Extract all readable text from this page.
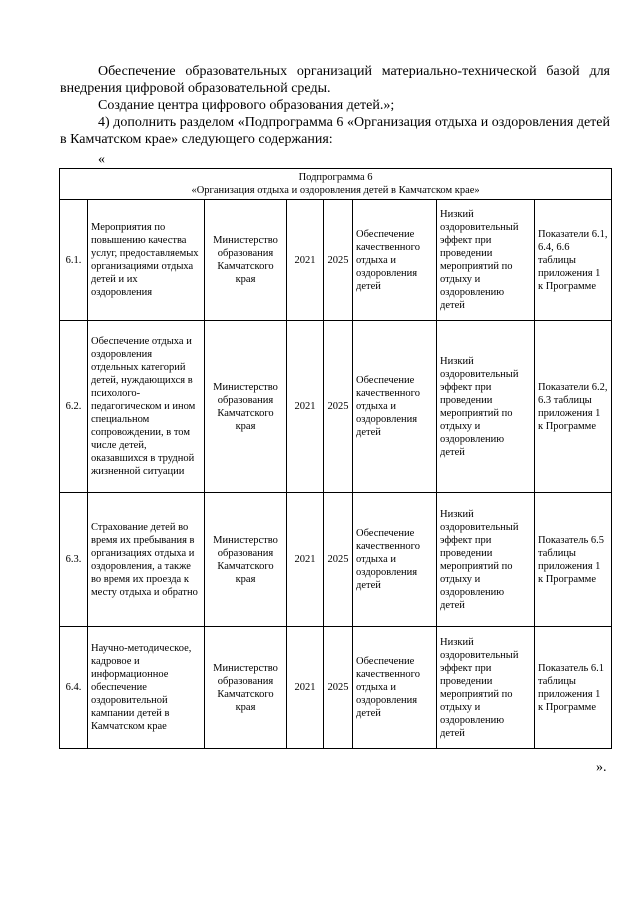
Обеспечение образовательных организаций материально-технической базой для внедрения цифровой образовательной среды.
Создание центра цифрового образования детей.»;
4) дополнить разделом «Подпрограмма 6 «Организация отдыха и оздоровления детей в Камчатском крае» следующего содержания:
«
Подпрограмма 6
«Организация отдыха и оздоровления детей в Камчатском крае»							

6.1.	Мероприятия по повышению качества услуг, предоставляемых организациями отдыха детей и их оздоровления	Министерство образования Камчатского края	2021	2025	Обеспечение качественного отдыха и оздоровления детей	Низкий оздоровительный эффект при проведении мероприятий по отдыху и оздоровлению детей	Показатели 6.1, 6.4, 6.6 таблицы приложения 1 к Программе
6.2.	Обеспечение отдыха и оздоровления отдельных категорий детей, нуждающихся в психолого-педагогическом и ином специальном сопровождении, в том числе детей, оказавшихся в трудной жизненной ситуации	Министерство образования Камчатского края	2021	2025	Обеспечение качественного отдыха и оздоровления детей	Низкий оздоровительный эффект при проведении мероприятий по отдыху и оздоровлению детей	Показатели 6.2, 6.3 таблицы приложения 1 к Программе
6.3.	Страхование детей во время их пребывания в организациях отдыха и оздоровления, а также во время их проезда к месту отдыха и обратно	Министерство образования Камчатского края	2021	2025	Обеспечение качественного отдыха и оздоровления детей	Низкий оздоровительный эффект при проведении мероприятий по отдыху и оздоровлению детей	Показатель 6.5 таблицы приложения 1 к Программе
6.4.	Научно-методическое, кадровое и информационное обеспечение оздоровительной кампании детей в Камчатском крае	Министерство образования Камчатского края	2021	2025	Обеспечение качественного отдыха и оздоровления детей	Низкий оздоровительный эффект при проведении мероприятий по отдыху и оздоровлению детей	Показатель 6.1 таблицы приложения 1 к Программе
».
